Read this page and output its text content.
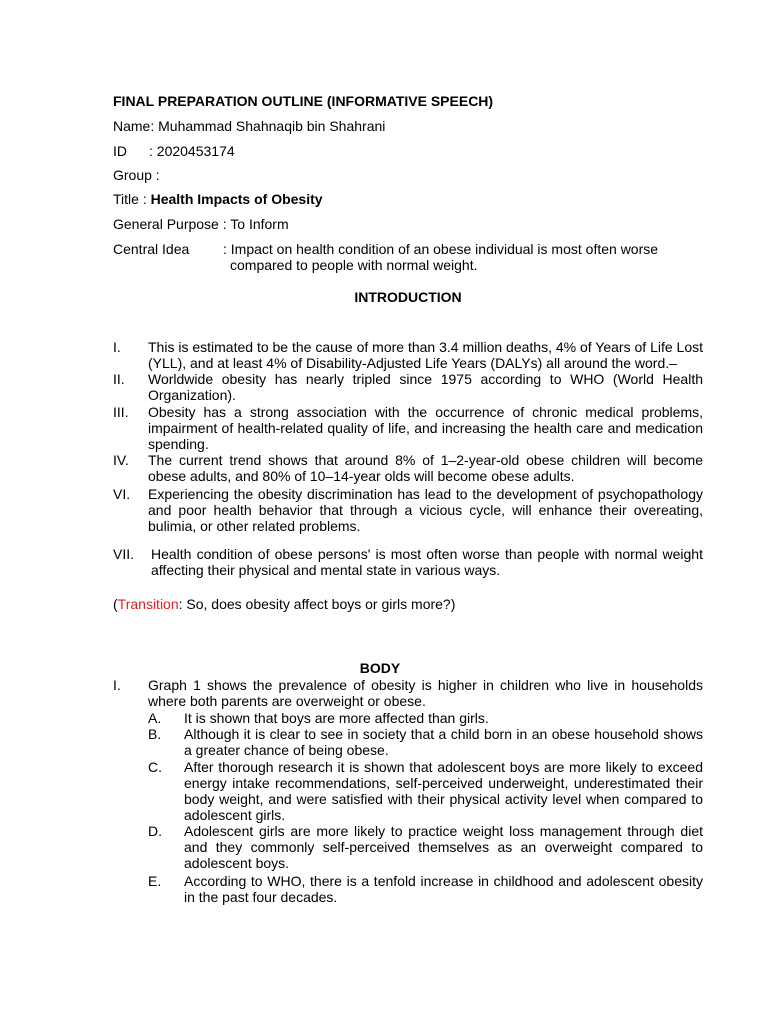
FINAL PREPARATION OUTLINE (INFORMATIVE SPEECH)
Name: Muhammad Shahnaqib bin Shahrani
ID : 2020453174
Group :
Title : Health Impacts of Obesity
General Purpose : To Inform
Central Idea : Impact on health condition of an obese individual is most often worse
compared to people with normal weight.
INTRODUCTION
I. This is estimated to be the cause of more than 3.4 million deaths, 4% of Years of Life Lost (YLL), and at least 4% of Disability-Adjusted Life Years (DALYs) all around the word.–
II. Worldwide obesity has nearly tripled since 1975 according to WHO (World Health Organization).
III. Obesity has a strong association with the occurrence of chronic medical problems, impairment of health-related quality of life, and increasing the health care and medication spending.
IV. The current trend shows that around 8% of 1–2-year-old obese children will become obese adults, and 80% of 10–14-year olds will become obese adults.
VI. Experiencing the obesity discrimination has lead to the development of psychopathology and poor health behavior that through a vicious cycle, will enhance their overeating, bulimia, or other related problems.
VII. Health condition of obese persons' is most often worse than people with normal weight affecting their physical and mental state in various ways.
(Transition: So, does obesity affect boys or girls more?)
BODY
I. Graph 1 shows the prevalence of obesity is higher in children who live in households where both parents are overweight or obese.
A. It is shown that boys are more affected than girls.
B. Although it is clear to see in society that a child born in an obese household shows a greater chance of being obese.
C. After thorough research it is shown that adolescent boys are more likely to exceed energy intake recommendations, self-perceived underweight, underestimated their body weight, and were satisfied with their physical activity level when compared to adolescent girls.
D. Adolescent girls are more likely to practice weight loss management through diet and they commonly self-perceived themselves as an overweight compared to adolescent boys.
E. According to WHO, there is a tenfold increase in childhood and adolescent obesity in the past four decades.
